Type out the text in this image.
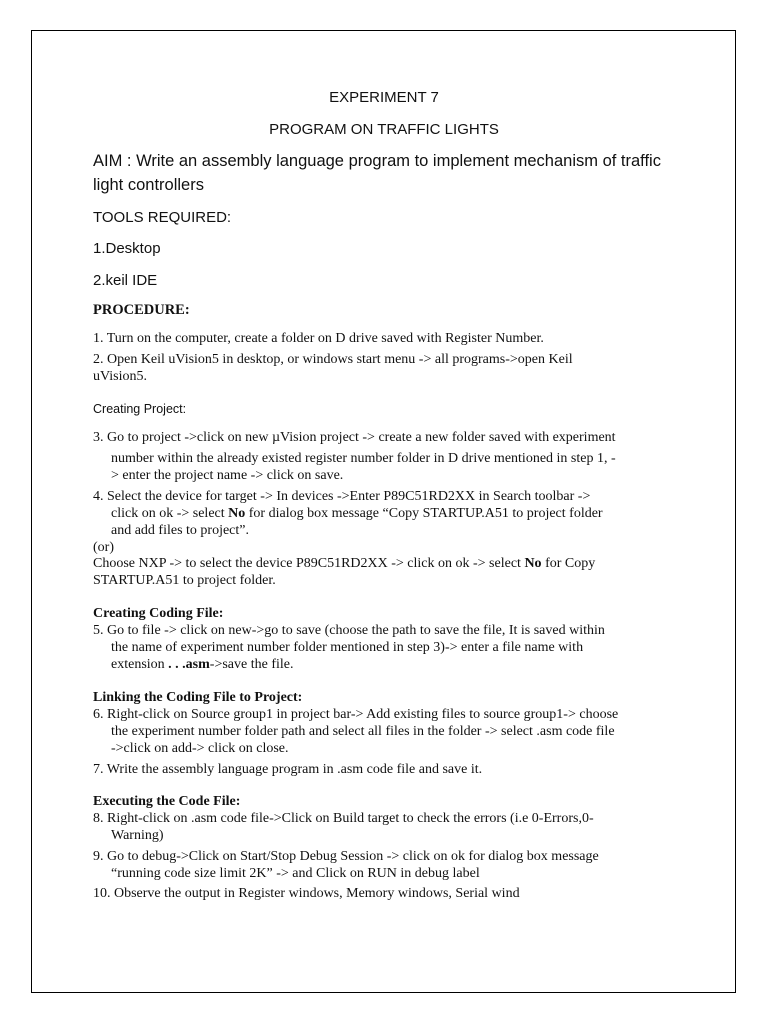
EXPERIMENT 7
PROGRAM ON TRAFFIC LIGHTS
AIM : Write an assembly language program to implement mechanism of traffic
light controllers
TOOLS REQUIRED:
1.Desktop
2.keil IDE
PROCEDURE:
1. Turn on the computer, create a folder on D drive saved with Register Number.
2. Open Keil uVision5 in desktop, or windows start menu -> all programs->open Keil
uVision5.
Creating Project:
3. Go to project ->click on new µVision project -> create a new folder saved with experiment
number within the already existed register number folder in D drive mentioned in step 1, -
> enter the project name -> click on save.
4. Select the device for target -> In devices ->Enter P89C51RD2XX in Search toolbar ->
click on ok -> select No for dialog box message “Copy STARTUP.A51 to project folder
and add files to project”.
(or)
Choose NXP -> to select the device P89C51RD2XX -> click on ok -> select No for Copy
STARTUP.A51 to project folder.
Creating Coding File:
5. Go to file -> click on new->go to save (choose the path to save the file, It is saved within
the name of experiment number folder mentioned in step 3)-> enter a file name with
extension . . .asm->save the file.
Linking the Coding File to Project:
6. Right-click on Source group1 in project bar-> Add existing files to source group1-> choose
the experiment number folder path and select all files in the folder -> select .asm code file
->click on add-> click on close.
7. Write the assembly language program in .asm code file and save it.
Executing the Code File:
8. Right-click on .asm code file->Click on Build target to check the errors (i.e 0-Errors,0-
Warning)
9. Go to debug->Click on Start/Stop Debug Session -> click on ok for dialog box message
“running code size limit 2K” -> and Click on RUN in debug label
10. Observe the output in Register windows, Memory windows, Serial wind
